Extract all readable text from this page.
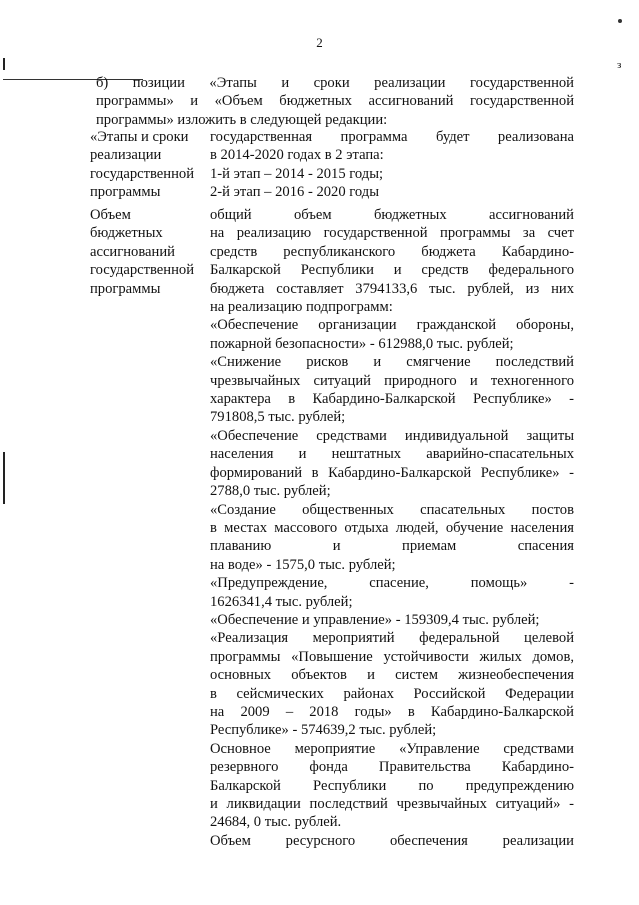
з
2
б) позиции «Этапы и сроки реализации государственной
программы» и «Объем бюджетных ассигнований государственной
программы» изложить в следующей редакции:
«Этапы и сроки
реализации
государственной
программы
государственная программа будет реализована
в 2014-2020 годах в 2 этапа:
1-й этап – 2014 - 2015 годы;
2-й этап – 2016 - 2020 годы
Объем
бюджетных
ассигнований
государственной
программы
общий объем бюджетных ассигнований
на реализацию государственной программы за счет
средств республиканского бюджета Кабардино-
Балкарской Республики и средств федерального
бюджета составляет 3794133,6 тыс. рублей, из них
на реализацию подпрограмм:
«Обеспечение организации гражданской обороны,
пожарной безопасности» - 612988,0 тыс. рублей;
«Снижение рисков и смягчение последствий
чрезвычайных ситуаций природного и техногенного
характера в Кабардино-Балкарской Республике» -
791808,5 тыс. рублей;
«Обеспечение средствами индивидуальной защиты
населения и нештатных аварийно-спасательных
формирований в Кабардино-Балкарской Республике» -
2788,0 тыс. рублей;
«Создание общественных спасательных постов
в местах массового отдыха людей, обучение населения
плаванию и приемам спасения
на воде» - 1575,0 тыс. рублей;
«Предупреждение, спасение, помощь» -
1626341,4 тыс. рублей;
«Обеспечение и управление» - 159309,4 тыс. рублей;
«Реализация мероприятий федеральной целевой
программы «Повышение устойчивости жилых домов,
основных объектов и систем жизнеобеспечения
в сейсмических районах Российской Федерации
на 2009 – 2018 годы» в Кабардино-Балкарской
Республике» - 574639,2 тыс. рублей;
Основное мероприятие «Управление средствами
резервного фонда Правительства Кабардино-
Балкарской Республики по предупреждению
и ликвидации последствий чрезвычайных ситуаций» -
24684, 0 тыс. рублей.
Объем ресурсного обеспечения реализации
